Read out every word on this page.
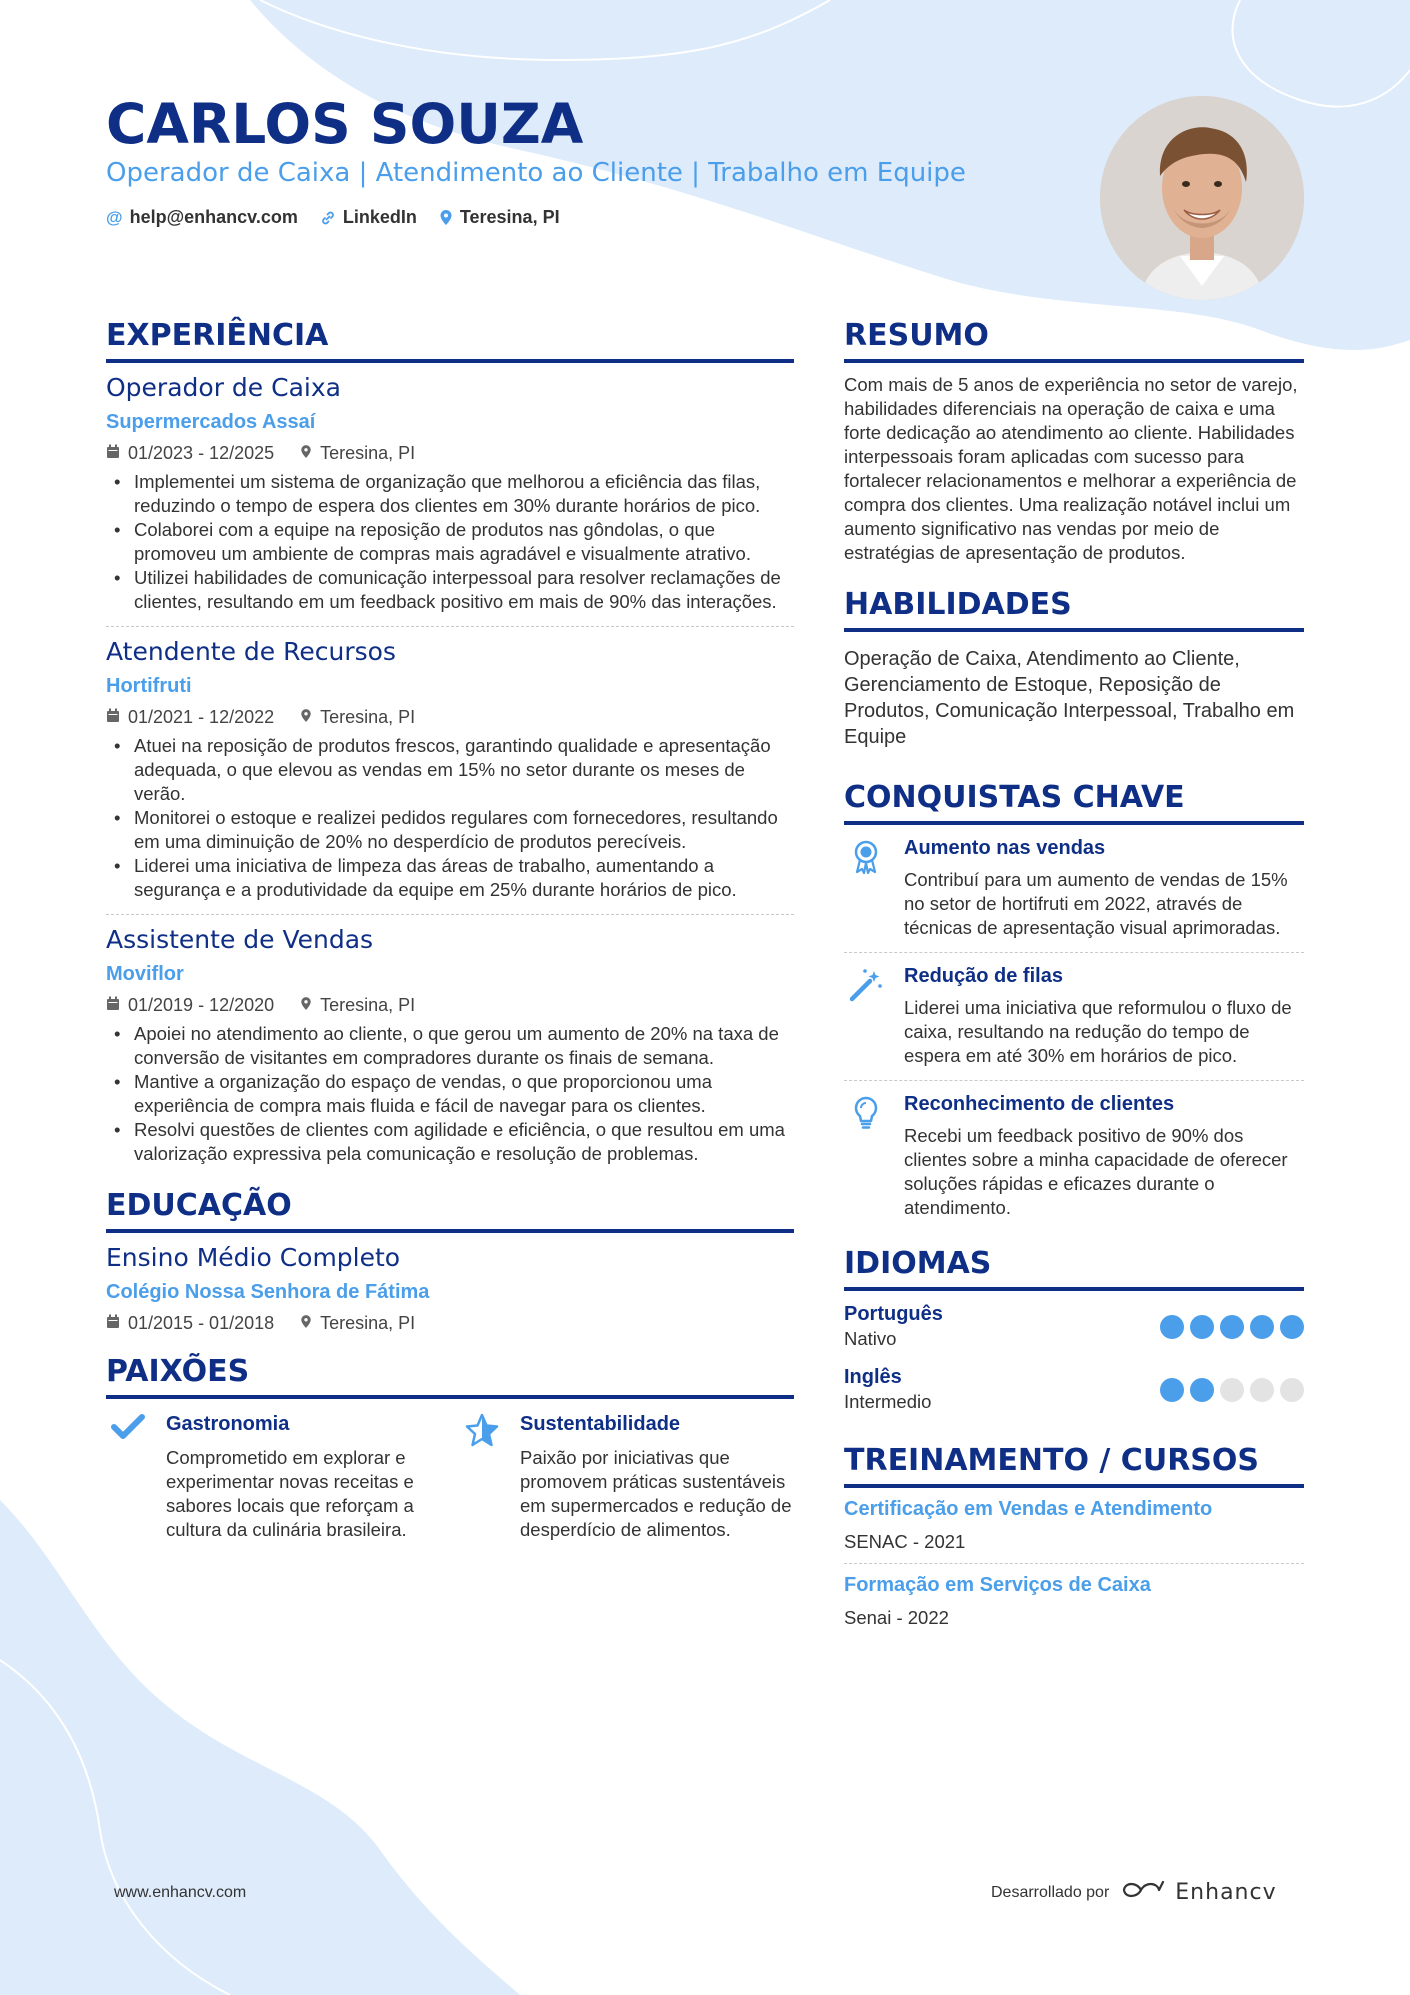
CARLOS SOUZA
Operador de Caixa | Atendimento ao Cliente | Trabalho em Equipe
@ help@enhancv.com	LinkedIn Teresina, PI
EXPERIÊNCIA
Operador de Caixa
Supermercados Assaí
01/2023 - 12/2025	Teresina, PI
• Implementei um sistema de organização que melhorou a eficiência das filas, reduzindo o tempo de espera dos clientes em 30% durante horários de pico.
• Colaborei com a equipe na reposição de produtos nas gôndolas, o que promoveu um ambiente de compras mais agradável e visualmente atrativo.
• Utilizei habilidades de comunicação interpessoal para resolver reclamações de clientes, resultando em um feedback positivo em mais de 90% das interações.
Atendente de Recursos
Hortifruti
01/2021 - 12/2022	Teresina, PI
• Atuei na reposição de produtos frescos, garantindo qualidade e apresentação adequada, o que elevou as vendas em 15% no setor durante os meses de verão.
• Monitorei o estoque e realizei pedidos regulares com fornecedores, resultando em uma diminuição de 20% no desperdício de produtos perecíveis.
• Liderei uma iniciativa de limpeza das áreas de trabalho, aumentando a segurança e a produtividade da equipe em 25% durante horários de pico.
Assistente de Vendas
Moviflor
01/2019 - 12/2020	Teresina, PI
• Apoiei no atendimento ao cliente, o que gerou um aumento de 20% na taxa de conversão de visitantes em compradores durante os finais de semana.
• Mantive a organização do espaço de vendas, o que proporcionou uma experiência de compra mais fluida e fácil de navegar para os clientes.
• Resolvi questões de clientes com agilidade e eficiência, o que resultou em uma valorização expressiva pela comunicação e resolução de problemas.
EDUCAÇÃO
Ensino Médio Completo
Colégio Nossa Senhora de Fátima
01/2015 - 01/2018	Teresina, PI
PAIXÕES
Gastronomia
Comprometido em explorar e experimentar novas receitas e sabores locais que reforçam a cultura da culinária brasileira.
Sustentabilidade
Paixão por iniciativas que promovem práticas sustentáveis em supermercados e redução de desperdício de alimentos.
RESUMO
Com mais de 5 anos de experiência no setor de varejo, habilidades diferenciais na operação de caixa e uma forte dedicação ao atendimento ao cliente. Habilidades interpessoais foram aplicadas com sucesso para fortalecer relacionamentos e melhorar a experiência de compra dos clientes. Uma realização notável inclui um aumento significativo nas vendas por meio de estratégias de apresentação de produtos.
HABILIDADES
Operação de Caixa, Atendimento ao Cliente, Gerenciamento de Estoque, Reposição de Produtos, Comunicação Interpessoal, Trabalho em Equipe
CONQUISTAS CHAVE
Aumento nas vendas
Contribuí para um aumento de vendas de 15% no setor de hortifruti em 2022, através de técnicas de apresentação visual aprimoradas.
Redução de filas
Liderei uma iniciativa que reformulou o fluxo de caixa, resultando na redução do tempo de espera em até 30% em horários de pico.
Reconhecimento de clientes
Recebi um feedback positivo de 90% dos clientes sobre a minha capacidade de oferecer soluções rápidas e eficazes durante o atendimento.
IDIOMAS
Português
Nativo
Inglês
Intermedio
TREINAMENTO / CURSOS
Certificação em Vendas e Atendimento
SENAC - 2021
Formação em Serviços de Caixa
Senai - 2022
www.enhancv.com	Desarrollado por	Enhancv
